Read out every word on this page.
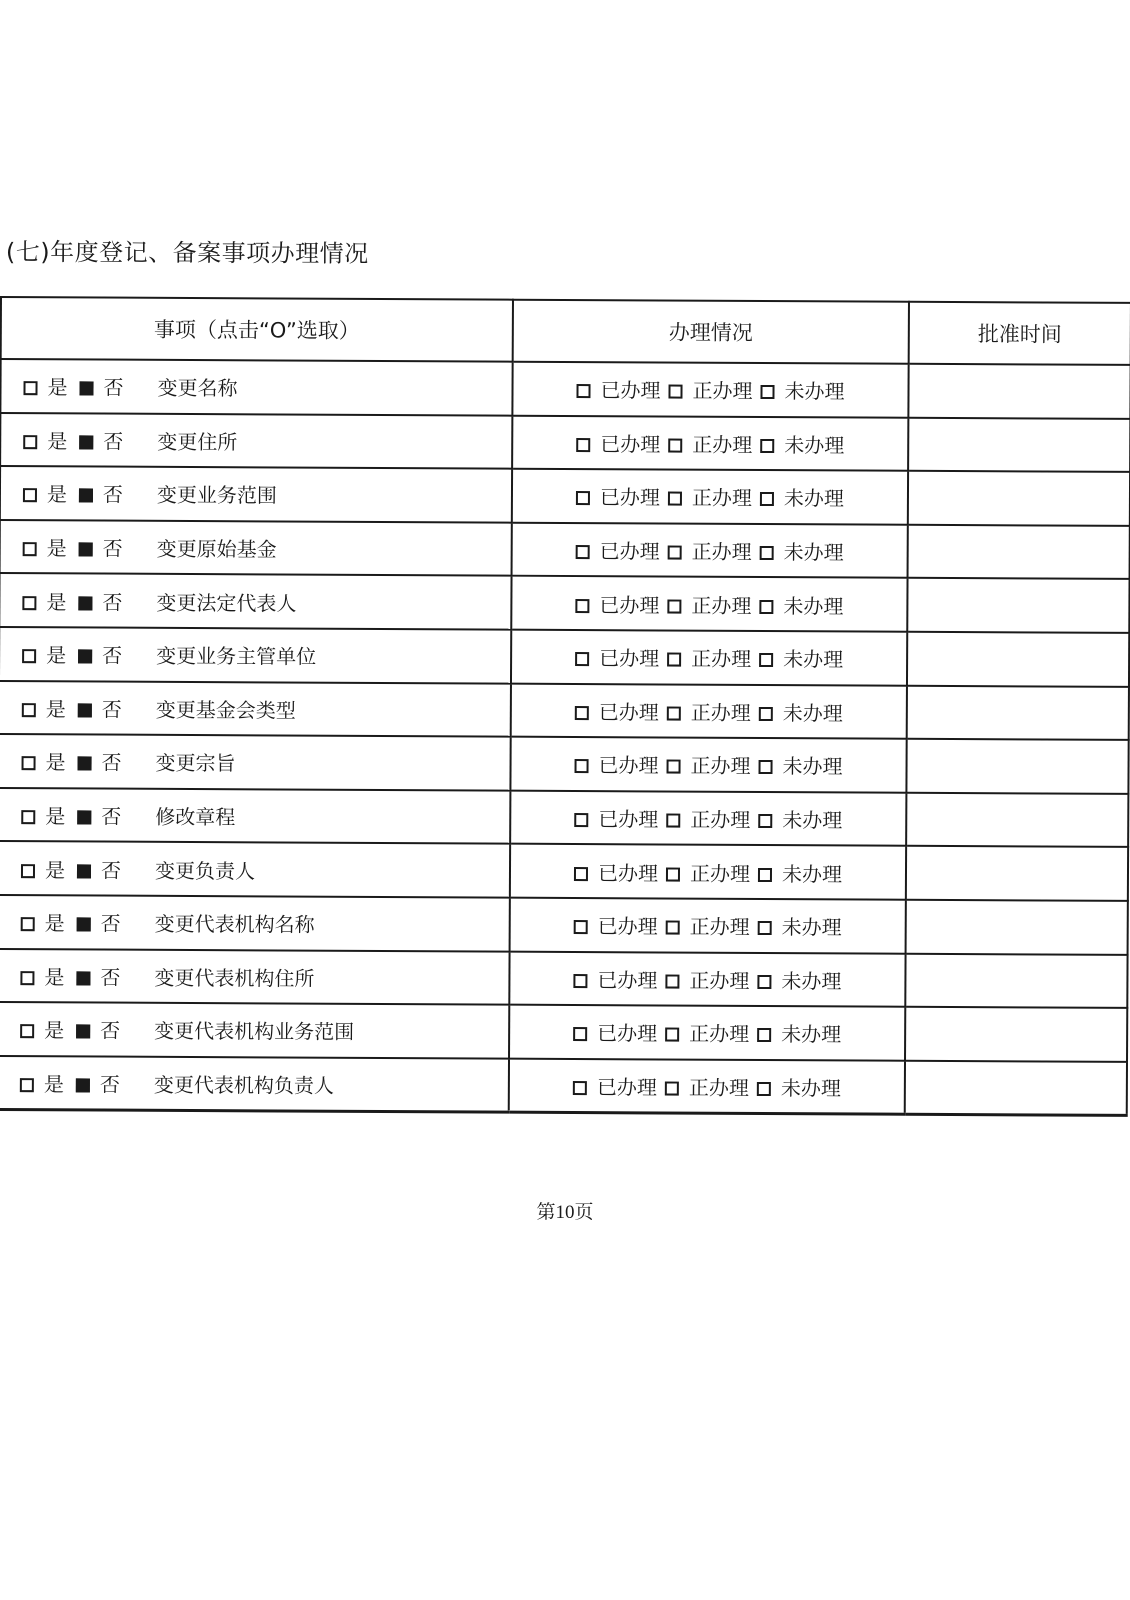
(七)年度登记、备案事项办理情况
事项（点击“O”选取）	办理情况	批准时间
是 否 变更名称	已办理 正办理 未办理	
是 否 变更住所	已办理 正办理 未办理	
是 否 变更业务范围	已办理 正办理 未办理	
是 否 变更原始基金	已办理 正办理 未办理	
是 否 变更法定代表人	已办理 正办理 未办理	
是 否 变更业务主管单位	已办理 正办理 未办理	
是 否 变更基金会类型	已办理 正办理 未办理	
是 否 变更宗旨	已办理 正办理 未办理	
是 否 修改章程	已办理 正办理 未办理	
是 否 变更负责人	已办理 正办理 未办理	
是 否 变更代表机构名称	已办理 正办理 未办理	
是 否 变更代表机构住所	已办理 正办理 未办理	
是 否 变更代表机构业务范围	已办理 正办理 未办理	
是 否 变更代表机构负责人	已办理 正办理 未办理	
第10页
